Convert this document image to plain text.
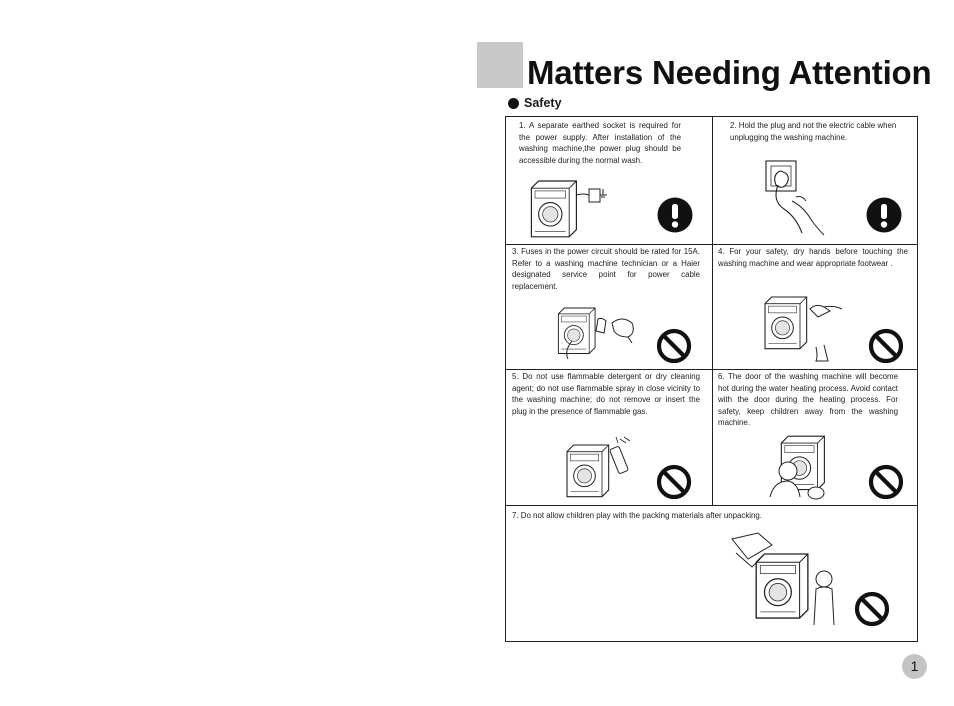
Matters Needing Attention
Safety
1. A separate earthed socket is required for the power supply. After installation of the washing machine,the power plug should be accessible during the normal wash.
2. Hold the plug and not the electric cable when unplugging the washing machine.
3. Fuses in the power circuit should be rated for 15A. Refer to a washing machine technician or a Haier designated service point for power cable replacement.
4. For your safety, dry hands before touching the washing machine and wear appropriate footwear .
5. Do not use flammable detergent or dry cleaning agent; do not use flammable spray in close vicinity to the washing machine; do not remove or insert the plug in the presence of flammable gas.
6. The door of the washing machine will become hot during the water heating process. Avoid contact with the door during the heating process. For safety, keep children away from the washing machine.
7. Do not allow children play with the packing materials after unpacking.
1
